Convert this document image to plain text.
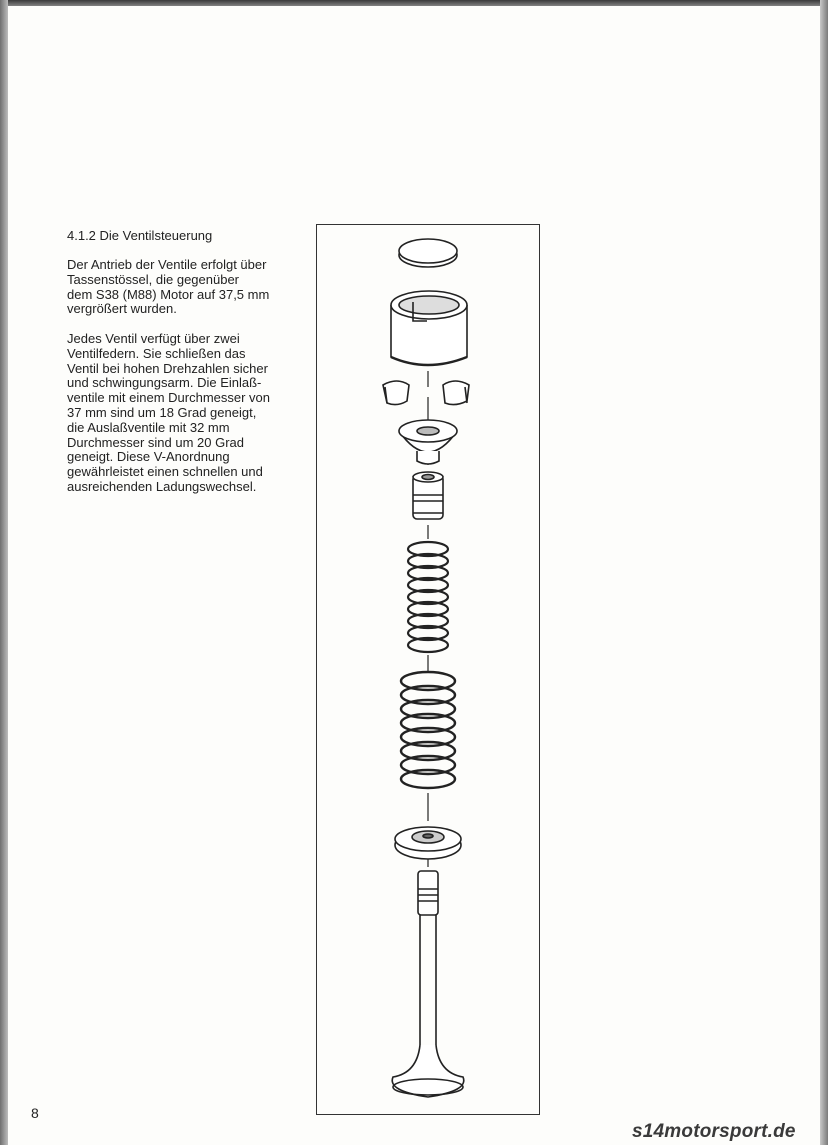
4.1.2 Die Ventilsteuerung

Der Antrieb der Ventile erfolgt über
Tassenstössel, die gegenüber
dem S38 (M88) Motor auf 37,5 mm
vergrößert wurden.

Jedes Ventil verfügt über zwei
Ventilfedern. Sie schließen das
Ventil bei hohen Drehzahlen sicher
und schwingungsarm. Die Einlaß-
ventile mit einem Durchmesser von
37 mm sind um 18 Grad geneigt,
die Auslaßventile mit 32 mm
Durchmesser sind um 20 Grad
geneigt. Diese V-Anordnung
gewährleistet einen schnellen und
ausreichenden Ladungswechsel.

8
s14motorsport.de
